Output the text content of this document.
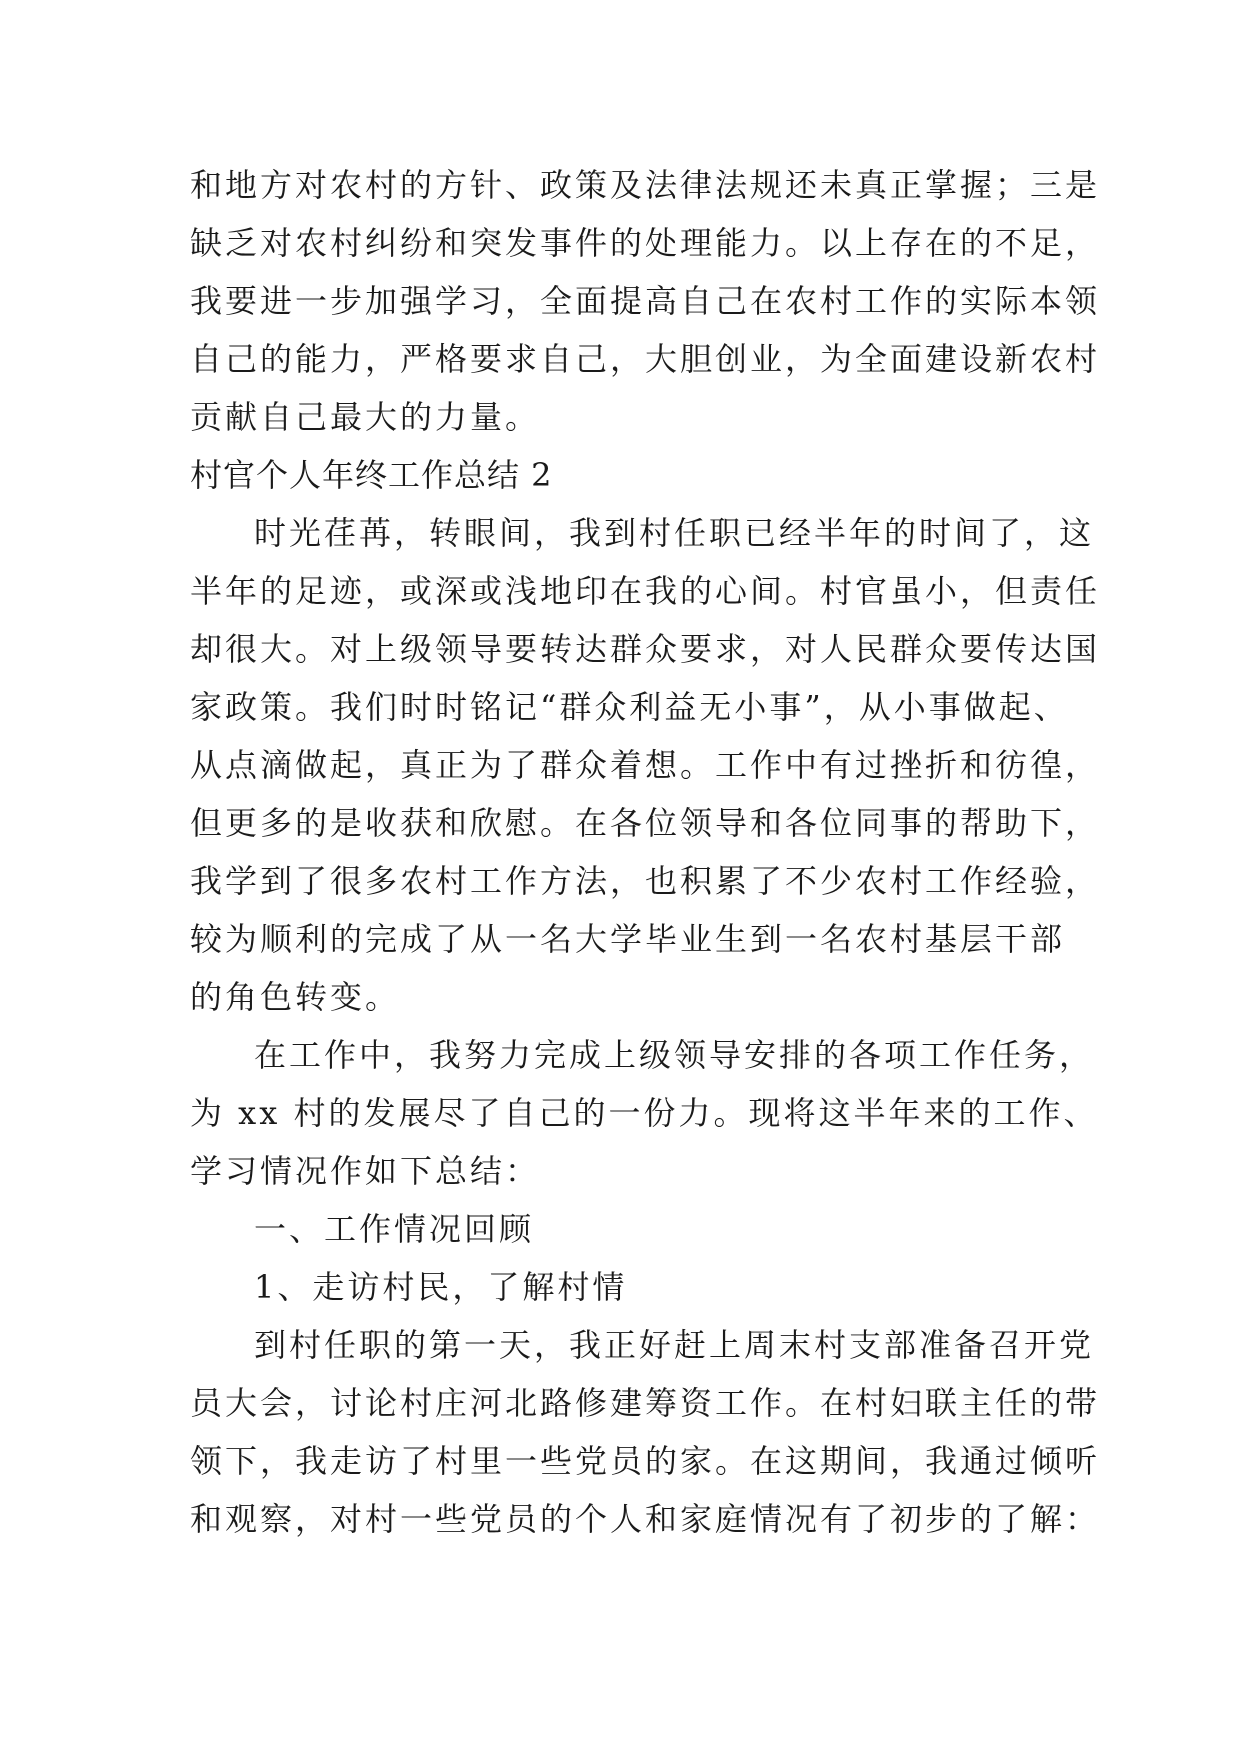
和地方对农村的方针、政策及法律法规还未真正掌握；三是
缺乏对农村纠纷和突发事件的处理能力。以上存在的不足，
我要进一步加强学习，全面提高自己在农村工作的实际本领
自己的能力，严格要求自己，大胆创业，为全面建设新农村
贡献自己最大的力量。
村官个人年终工作总结 2
时光荏苒，转眼间，我到村任职已经半年的时间了，这
半年的足迹，或深或浅地印在我的心间。村官虽小，但责任
却很大。对上级领导要转达群众要求，对人民群众要传达国
家政策。我们时时铭记“群众利益无小事”，从小事做起、
从点滴做起，真正为了群众着想。工作中有过挫折和彷徨，
但更多的是收获和欣慰。在各位领导和各位同事的帮助下，
我学到了很多农村工作方法，也积累了不少农村工作经验，
较为顺利的完成了从一名大学毕业生到一名农村基层干部
的角色转变。
在工作中，我努力完成上级领导安排的各项工作任务，
为 xx 村的发展尽了自己的一份力。现将这半年来的工作、
学习情况作如下总结：
一、工作情况回顾
1、走访村民，了解村情
到村任职的第一天，我正好赶上周末村支部准备召开党
员大会，讨论村庄河北路修建筹资工作。在村妇联主任的带
领下，我走访了村里一些党员的家。在这期间，我通过倾听
和观察，对村一些党员的个人和家庭情况有了初步的了解：
